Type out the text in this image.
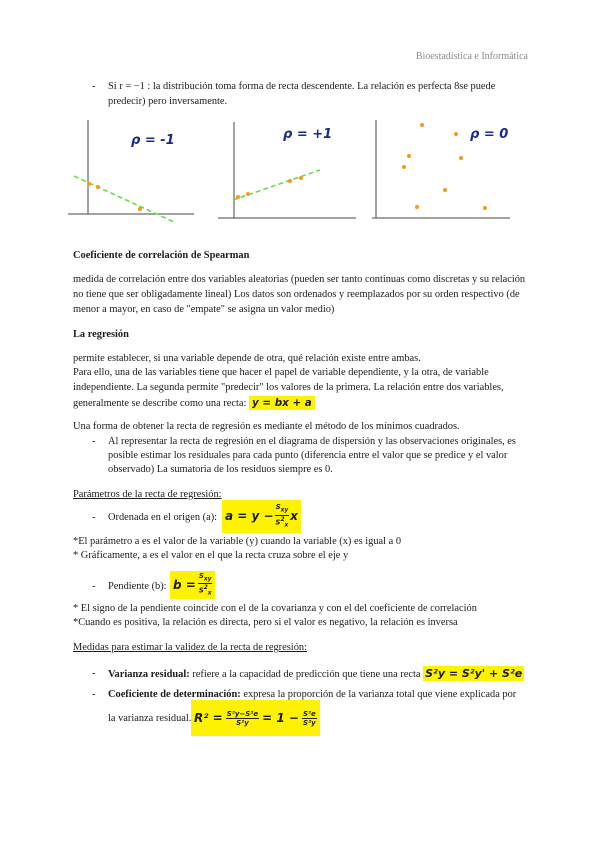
Bioestadística e Informática
- Si r = −1 : la distribución toma forma de recta descendente. La relación es perfecta 8se puede
predecir) pero inversamente.
ρ = -1	ρ = +1	ρ = 0
Coeficiente de correlación de Spearman
medida de correlación entre dos variables aleatorias (pueden ser tanto continuas como discretas y su relación
no tiene que ser obligadamente lineal) Los datos son ordenados y reemplazados por su orden respectivo (de
menor a mayor, en caso de "empate" se asigna un valor medio)
La regresión
permite establecer, si una variable depende de otra, qué relación existe entre ambas.
Para ello, una de las variables tiene que hacer el papel de variable dependiente, y la otra, de variable
independiente. La segunda permite "predecir" los valores de la primera. La relación entre dos variables,
generalmente se describe como una recta: y = bx + a
Una forma de obtener la recta de regresión es mediante el método de los mínimos cuadrados.
- Al representar la recta de regresión en el diagrama de dispersión y las observaciones originales, es
posible estimar los residuales para cada punto (diferencia entre el valor que se predice y el valor
observado) La sumatoria de los residuos siempre es 0.
Parámetros de la recta de regresión:
- Ordenada en el origen (a): $a = y - \frac{S_{xy}}{S^2_x}$ x
*El parámetro a es el valor de la variable (y) cuando la variable (x) es igual a 0
* Gráficamente, a es el valor en el que la recta cruza sobre el eje y
- Pendiente (b): $b = \frac{S_{xy}}{S^2_x}$
* El signo de la pendiente coincide con el de la covarianza y con el del coeficiente de correlación
*Cuando es positiva, la relación es directa, pero si el valor es negativo, la relación es inversa
Medidas para estimar la validez de la recta de regresión:
- Varianza residual: refiere a la capacidad de predicción que tiene una recta S²y = S²y' + S²e
- Coeficiente de determinación: expresa la proporción de la varianza total que viene explicada por
la varianza residual. $R^2 = \frac{\text{S²y−S²e}}{\text{S²y}} = 1 - \frac{\text{S²e}}{\text{S²y}}$
